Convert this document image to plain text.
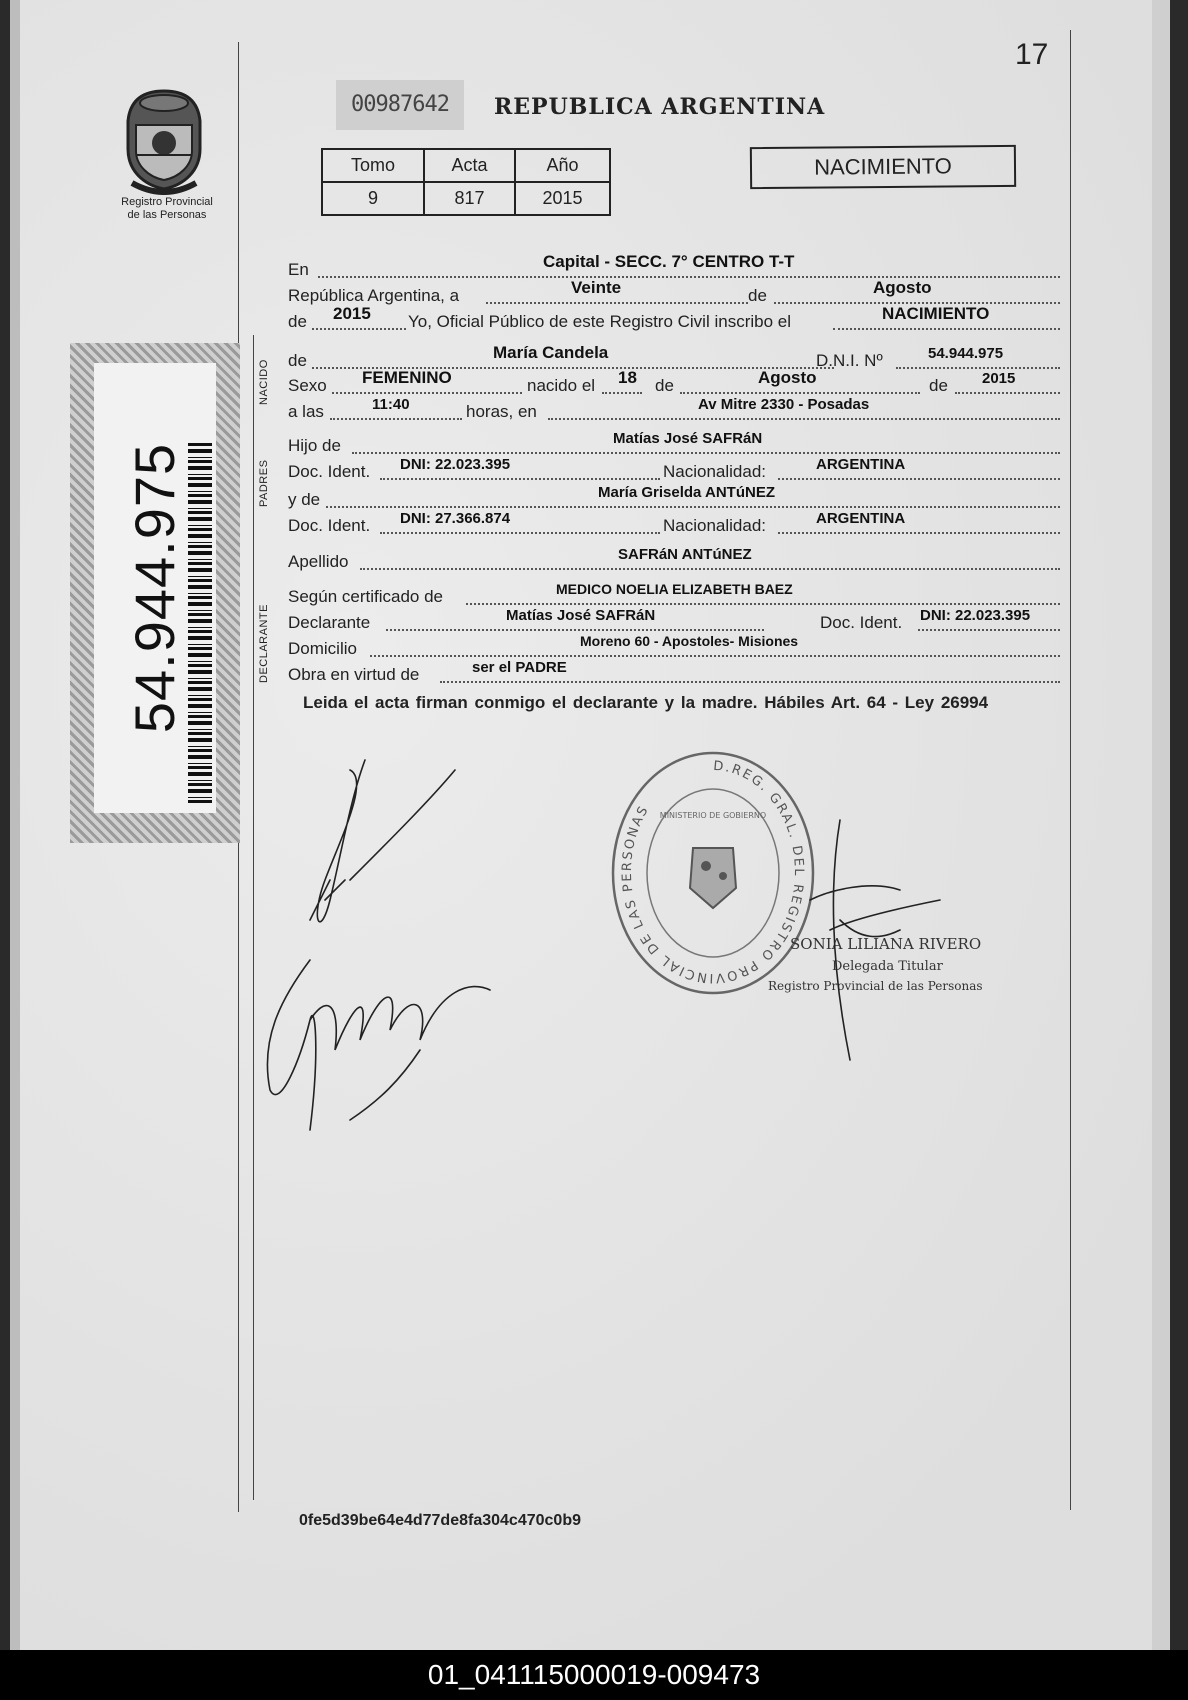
17
Registro Provincial
de las Personas
00987642	REPUBLICA ARGENTINA
Tomo	Acta	Año
9	817	2015
NACIMIENTO
54.944.975
NACIDO
PADRES
DECLARANTE
En	Capital - SECC. 7° CENTRO T-T
República Argentina, a	Veinte	de	Agosto
de 2015 Yo, Oficial Público de este Registro Civil inscribo el	NACIMIENTO
de	María Candela	D.N.I. Nº	54.944.975
Sexo FEMENINO	nacido el 18 de	Agosto	de 2015
a las	11:40	horas, en	Av Mitre 2330 - Posadas
Hijo de	Matías José SAFRáN
Doc. Ident. DNI: 22.023.395	Nacionalidad:	ARGENTINA
y de	María Griselda ANTúNEZ
Doc. Ident. DNI: 27.366.874	Nacionalidad:	ARGENTINA
Apellido	SAFRáN ANTúNEZ
Según certificado de	MEDICO NOELIA ELIZABETH BAEZ
Declarante	Matías José SAFRáN	Doc. Ident. DNI: 22.023.395
Domicilio	Moreno 60 - Apostoles- Misiones
Obra en virtud de	ser el PADRE
Leida el acta firman conmigo el declarante y la madre. Hábiles Art. 64 - Ley 26994
D.REG. GRAL. DEL REGISTRO PROVINCIAL DE LAS PERSONAS MINISTERIO DE GOBIERNO
SONIA LILIANA RIVERO
Delegada Titular
Registro Provincial de las Personas
0fe5d39be64e4d77de8fa304c470c0b9
01_041115000019-009473
